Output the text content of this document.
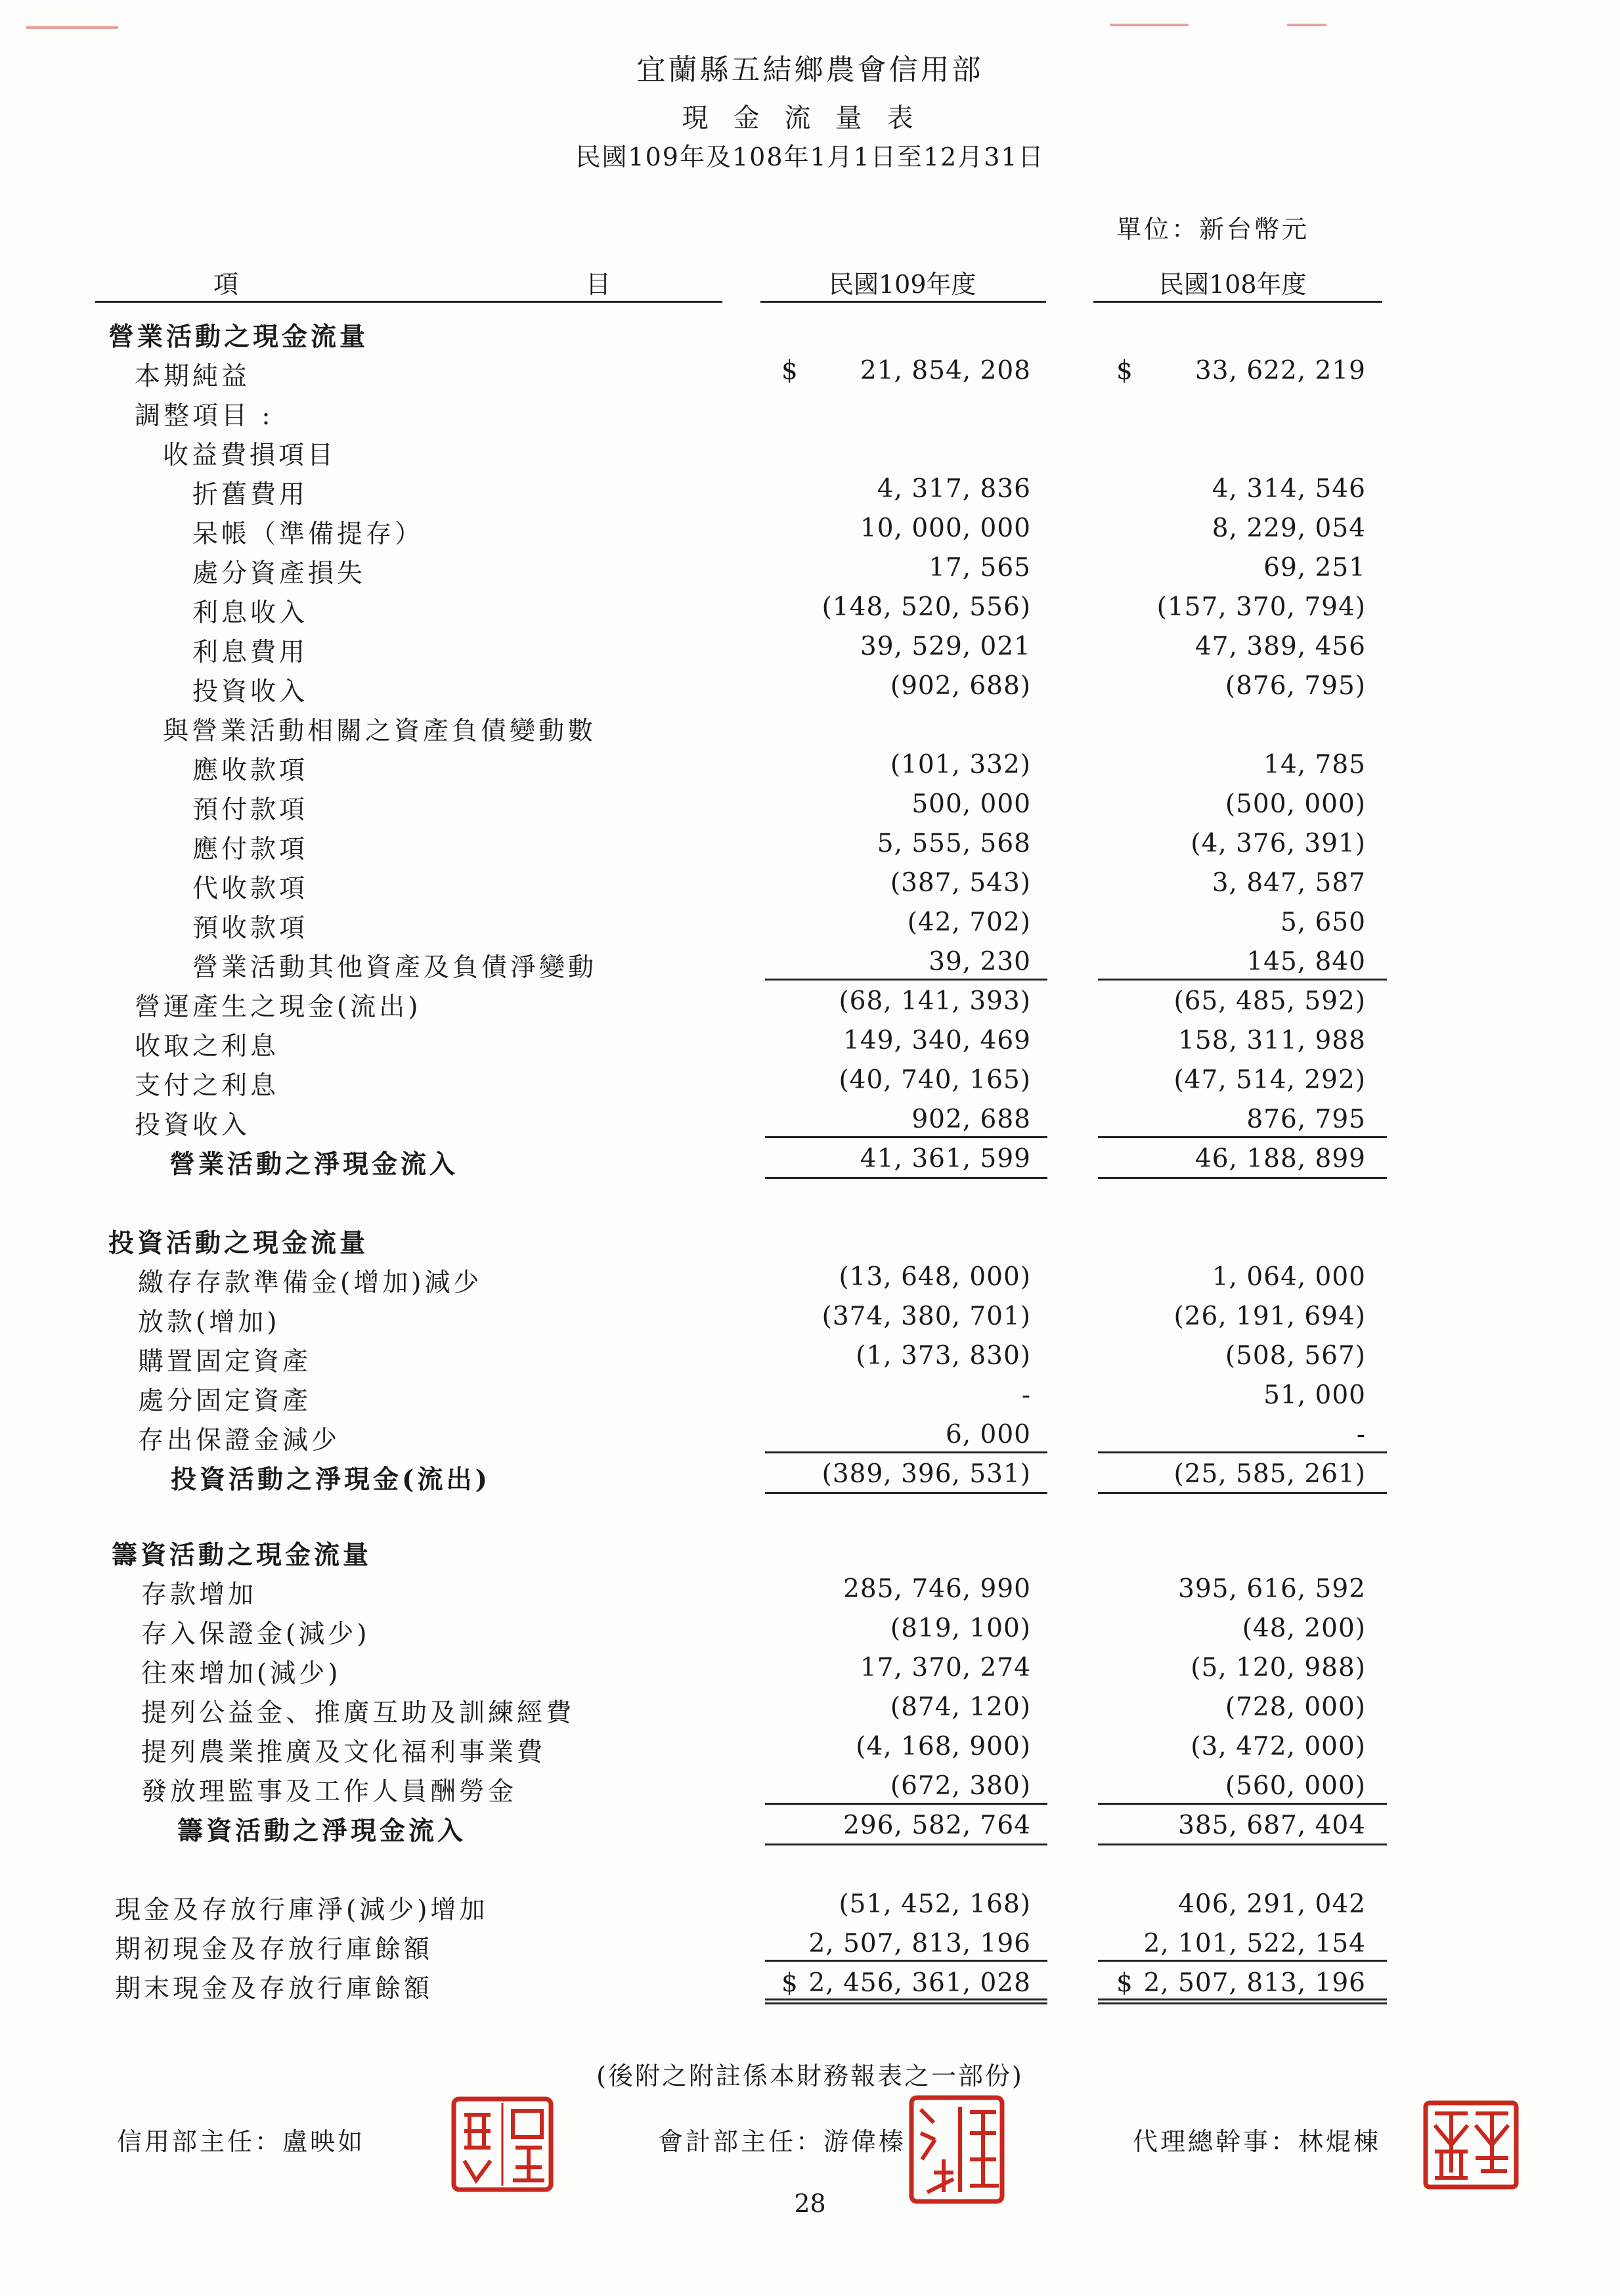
宜蘭縣五結鄉農會信用部
現金流量表
民國109年及108年1月1日至12月31日
單位：新台幣元
項	目	民國109年度	民國108年度
營業活動之現金流量
本期純益	21, 854, 208	33, 622, 219
$	$
調整項目 :
收益費損項目
折舊費用	4, 317, 836	4, 314, 546
呆帳（準備提存）	10, 000, 000	8, 229, 054
處分資產損失	17, 565	69, 251
利息收入	(148, 520, 556)	(157, 370, 794)
利息費用	39, 529, 021	47, 389, 456
投資收入	(902, 688)	(876, 795)
與營業活動相關之資產負債變動數
應收款項	(101, 332)	14, 785
預付款項	500, 000	(500, 000)
應付款項	5, 555, 568	(4, 376, 391)
代收款項	(387, 543)	3, 847, 587
預收款項	(42, 702)	5, 650
營業活動其他資產及負債淨變動	39, 230	145, 840
營運產生之現金(流出)	(68, 141, 393)	(65, 485, 592)
收取之利息	149, 340, 469	158, 311, 988
支付之利息	(40, 740, 165)	(47, 514, 292)
投資收入	902, 688	876, 795
營業活動之淨現金流入	41, 361, 599	46, 188, 899
投資活動之現金流量
繳存存款準備金(增加)減少	(13, 648, 000)	1, 064, 000
放款(增加)	(374, 380, 701)	(26, 191, 694)
購置固定資產	(1, 373, 830)	(508, 567)
處分固定資產	-	51, 000
存出保證金減少	6, 000	-
投資活動之淨現金(流出)	(389, 396, 531)	(25, 585, 261)
籌資活動之現金流量
存款增加	285, 746, 990	395, 616, 592
存入保證金(減少)	(819, 100)	(48, 200)
往來增加(減少)	17, 370, 274	(5, 120, 988)
提列公益金、推廣互助及訓練經費	(874, 120)	(728, 000)
提列農業推廣及文化福利事業費	(4, 168, 900)	(3, 472, 000)
發放理監事及工作人員酬勞金	(672, 380)	(560, 000)
籌資活動之淨現金流入	296, 582, 764	385, 687, 404
現金及存放行庫淨(減少)增加	(51, 452, 168)	406, 291, 042
期初現金及存放行庫餘額	2, 507, 813, 196	2, 101, 522, 154
期末現金及存放行庫餘額	2, 456, 361, 028	2, 507, 813, 196
$	$
(後附之附註係本財務報表之一部份)
信用部主任：盧映如	會計部主任：游偉榛	代理總幹事：林焜棟
28
